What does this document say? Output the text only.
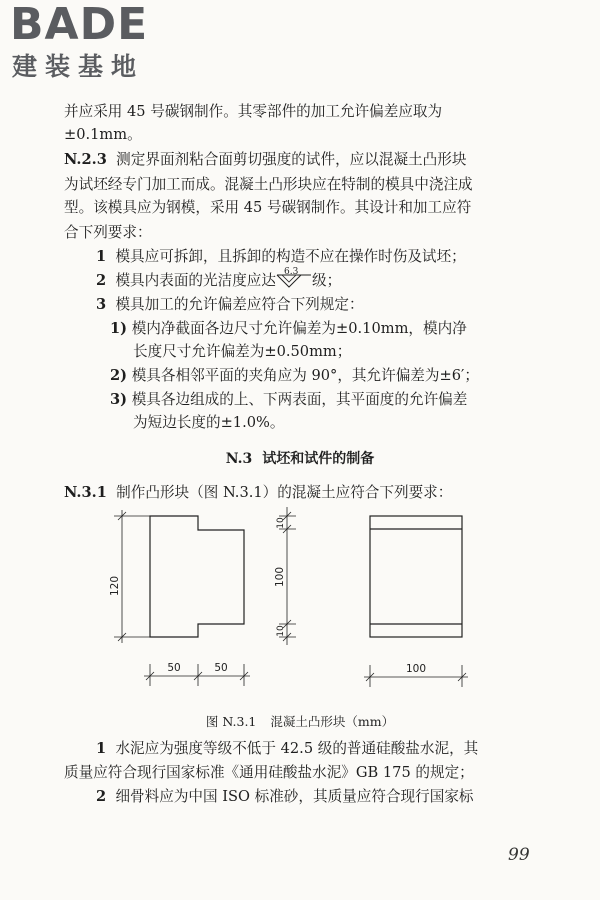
BADE
建装基地
并应采用 45 号碳钢制作。其零部件的加工允许偏差应取为
±0.1mm。
N.2.3 测定界面剂粘合面剪切强度的试件，应以混凝土凸形块
为试坯经专门加工而成。混凝土凸形块应在特制的模具中浇注成
型。该模具应为钢模，采用 45 号碳钢制作。其设计和加工应符
合下列要求：
1 模具应可拆卸，且拆卸的构造不应在操作时伤及试坯；
2 模具内表面的光洁度应达 6.3 级；
3 模具加工的允许偏差应符合下列规定：
1) 模内净截面各边尺寸允许偏差为±0.10mm，模内净
长度尺寸允许偏差为±0.50mm；
2) 模具各相邻平面的夹角应为 90°，其允许偏差为±6′；
3) 模具各边组成的上、下两表面，其平面度的允许偏差
为短边长度的±1.0%。
N.3 试坯和试件的制备
N.3.1 制作凸形块（图 N.3.1）的混凝土应符合下列要求：
120
50	50
10
100
10
100
图 N.3.1 混凝土凸形块（mm）
1 水泥应为强度等级不低于 42.5 级的普通硅酸盐水泥，其
质量应符合现行国家标准《通用硅酸盐水泥》GB 175 的规定；
2 细骨料应为中国 ISO 标准砂，其质量应符合现行国家标
99
